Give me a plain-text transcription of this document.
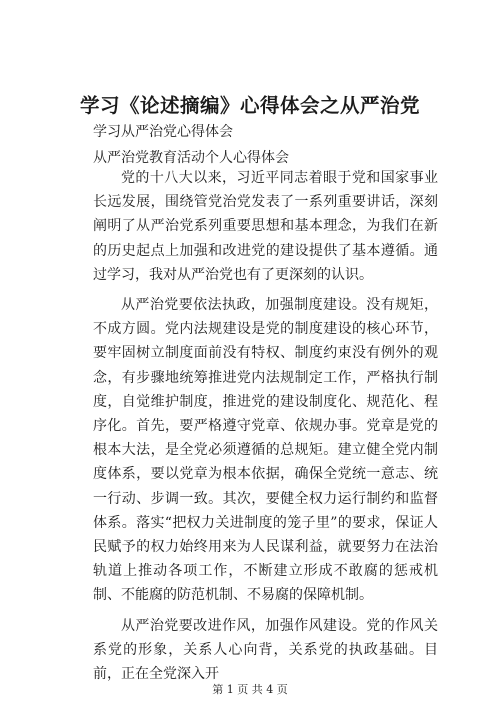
学习《论述摘编》心得体会之从严治党
学习从严治党心得体会
从严治党教育活动个人心得体会

党的十八大以来，习近平同志着眼于党和国家事业长远发展，围绕管党治党发表了一系列重要讲话，深刻阐明了从严治党系列重要思想和基本理念，为我们在新的历史起点上加强和改进党的建设提供了基本遵循。通过学习，我对从严治党也有了更深刻的认识。

从严治党要依法执政，加强制度建设。没有规矩，不成方圆。党内法规建设是党的制度建设的核心环节，要牢固树立制度面前没有特权、制度约束没有例外的观念，有步骤地统筹推进党内法规制定工作，严格执行制度，自觉维护制度，推进党的建设制度化、规范化、程序化。首先，要严格遵守党章、依规办事。党章是党的根本大法，是全党必须遵循的总规矩。建立健全党内制度体系，要以党章为根本依据，确保全党统一意志、统一行动、步调一致。其次，要健全权力运行制约和监督体系。落实“把权力关进制度的笼子里”的要求，保证人民赋予的权力始终用来为人民谋利益，就要努力在法治轨道上推动各项工作，不断建立形成不敢腐的惩戒机制、不能腐的防范机制、不易腐的保障机制。

从严治党要改进作风，加强作风建设。党的作风关系党的形象，关系人心向背，关系党的执政基础。目前，正在全党深入开

第 1 页 共 4 页
